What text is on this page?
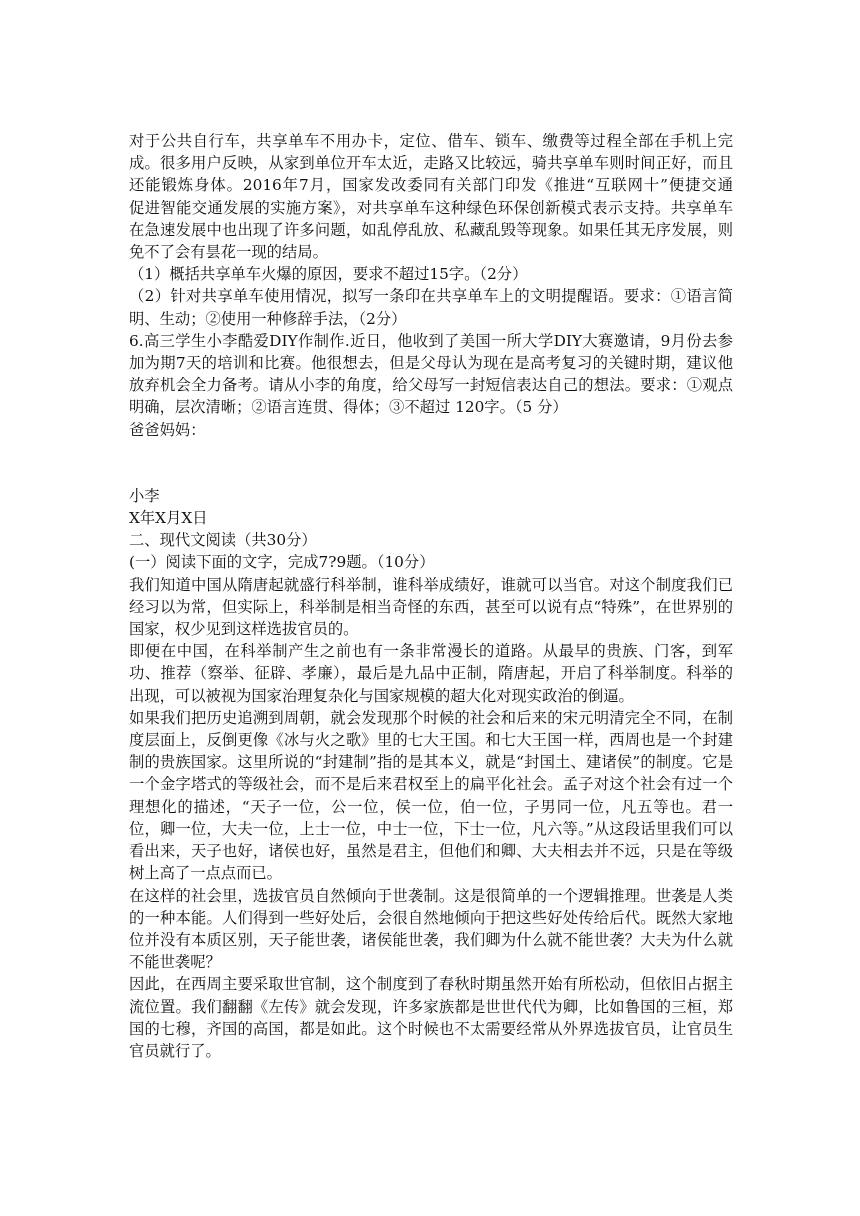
对于公共自行车，共享单车不用办卡，定位、借车、锁车、缴费等过程全部在手机上完成。很多用户反映，从家到单位开车太近，走路又比较远，骑共享单车则时间正好，而且还能锻炼身体。2016年7月，国家发改委同有关部门印发《推进“互联网十”便捷交通　　促进智能交通发展的实施方案》，对共享单车这种绿色环保创新模式表示支持。共享单车在急速发展中也出现了许多问题，如乱停乱放、私藏乱毁等现象。如果任其无序发展，则免不了会有昙花一现的结局。

（1）概括共享单车火爆的原因，要求不超过15字。（2分）

（2）针对共享单车使用情况，拟写一条印在共享单车上的文明提醒语。要求：①语言简明、生动；②使用一种修辞手法，（2分）

6.高三学生小李酷爱DIY作制作.近日，他收到了美国一所大学DIY大赛邀请，9月份去参加为期7天的培训和比赛。他很想去，但是父母认为现在是高考复习的关键时期，建议他放弃机会全力备考。请从小李的角度，给父母写一封短信表达自己的想法。要求：①观点明确，层次清晰；②语言连贯、得体；③不超过 120字。（5 分）

爸爸妈妈：

小李

X年X月X日

二、现代文阅读（共30分）

(一）阅读下面的文字，完成7?9题。（10分）

我们知道中国从隋唐起就盛行科举制，谁科举成绩好，谁就可以当官。对这个制度我们已经习以为常，但实际上，科举制是相当奇怪的东西，甚至可以说有点“特殊”，在世界别的国家，权少见到这样选拔官员的。

即便在中国，在科举制产生之前也有一条非常漫长的道路。从最早的贵族、门客，到军功、推荐（察举、征辟、孝廉），最后是九品中正制，隋唐起，开启了科举制度。科举的出现，可以被视为国家治理复杂化与国家规模的超大化对现实政治的倒逼。

如果我们把历史追溯到周朝，就会发现那个时候的社会和后来的宋元明清完全不同，在制度层面上，反倒更像《冰与火之歌》里的七大王国。和七大王国一样，西周也是一个封建制的贵族国家。这里所说的“封建制”指的是其本义，就是“封国土、建诸侯”的制度。它是一个金字塔式的等级社会，而不是后来君权至上的扁平化社会。孟子对这个社会有过一个理想化的描述，“天子一位，公一位，侯一位，伯一位，子男同一位，凡五等也。君一位，卿一位，大夫一位，上士一位，中士一位，下士一位，凡六等。”从这段话里我们可以看出来，天子也好，诸侯也好，虽然是君主，但他们和卿、大夫相去并不远，只是在等级树上高了一点点而已。

在这样的社会里，选拔官员自然倾向于世袭制。这是很简单的一个逻辑推理。世袭是人类的一种本能。人们得到一些好处后，会很自然地倾向于把这些好处传给后代。既然大家地位并没有本质区别，天子能世袭，诸侯能世袭，我们卿为什么就不能世袭？大夫为什么就不能世袭呢？

因此，在西周主要采取世官制，这个制度到了春秋时期虽然开始有所松动，但依旧占据主流位置。我们翻翻《左传》就会发现，许多家族都是世世代代为卿，比如鲁国的三桓，郑国的七穆，齐国的高国，都是如此。这个时候也不太需要经常从外界选拔官员，让官员生官员就行了。
